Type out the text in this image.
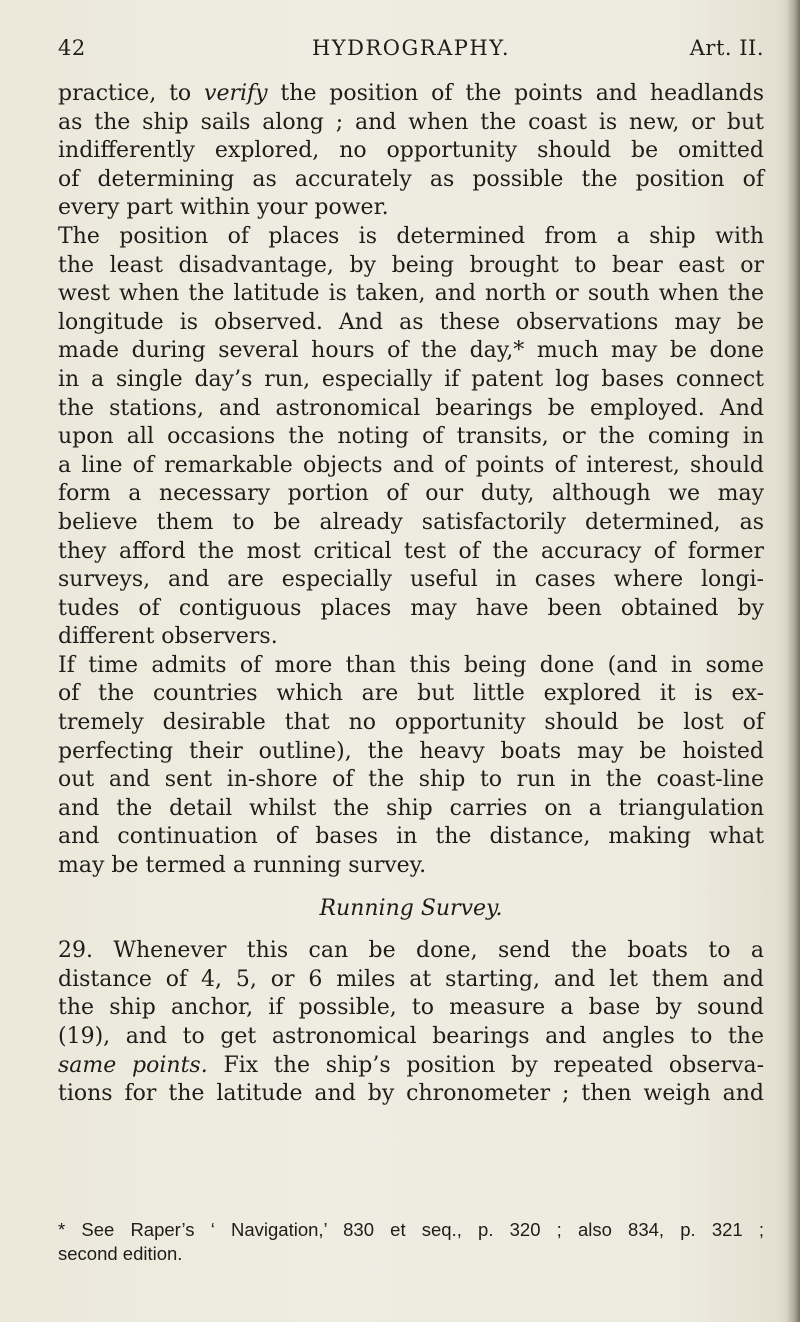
42	HYDROGRAPHY.	Art. II.
practice, to verify the position of the points and headlands
as the ship sails along ; and when the coast is new, or but
indifferently explored, no opportunity should be omitted
of determining as accurately as possible the position of
every part within your power.
The position of places is determined from a ship with
the least disadvantage, by being brought to bear east or
west when the latitude is taken, and north or south when the
longitude is observed. And as these observations may be
made during several hours of the day,* much may be done
in a single day’s run, especially if patent log bases connect
the stations, and astronomical bearings be employed. And
upon all occasions the noting of transits, or the coming in
a line of remarkable objects and of points of interest, should
form a necessary portion of our duty, although we may
believe them to be already satisfactorily determined, as
they afford the most critical test of the accuracy of former
surveys, and are especially useful in cases where longi-
tudes of contiguous places may have been obtained by
different observers.
If time admits of more than this being done (and in some
of the countries which are but little explored it is ex-
tremely desirable that no opportunity should be lost of
perfecting their outline), the heavy boats may be hoisted
out and sent in-shore of the ship to run in the coast-line
and the detail whilst the ship carries on a triangulation
and continuation of bases in the distance, making what
may be termed a running survey.
Running Survey.
29. Whenever this can be done, send the boats to a
distance of 4, 5, or 6 miles at starting, and let them and
the ship anchor, if possible, to measure a base by sound
(19), and to get astronomical bearings and angles to the
same points. Fix the ship’s position by repeated observa-
tions for the latitude and by chronometer ; then weigh and
* See Raper’s ‘ Navigation,’ 830 et seq., p. 320 ; also 834, p. 321 ;
second edition.
